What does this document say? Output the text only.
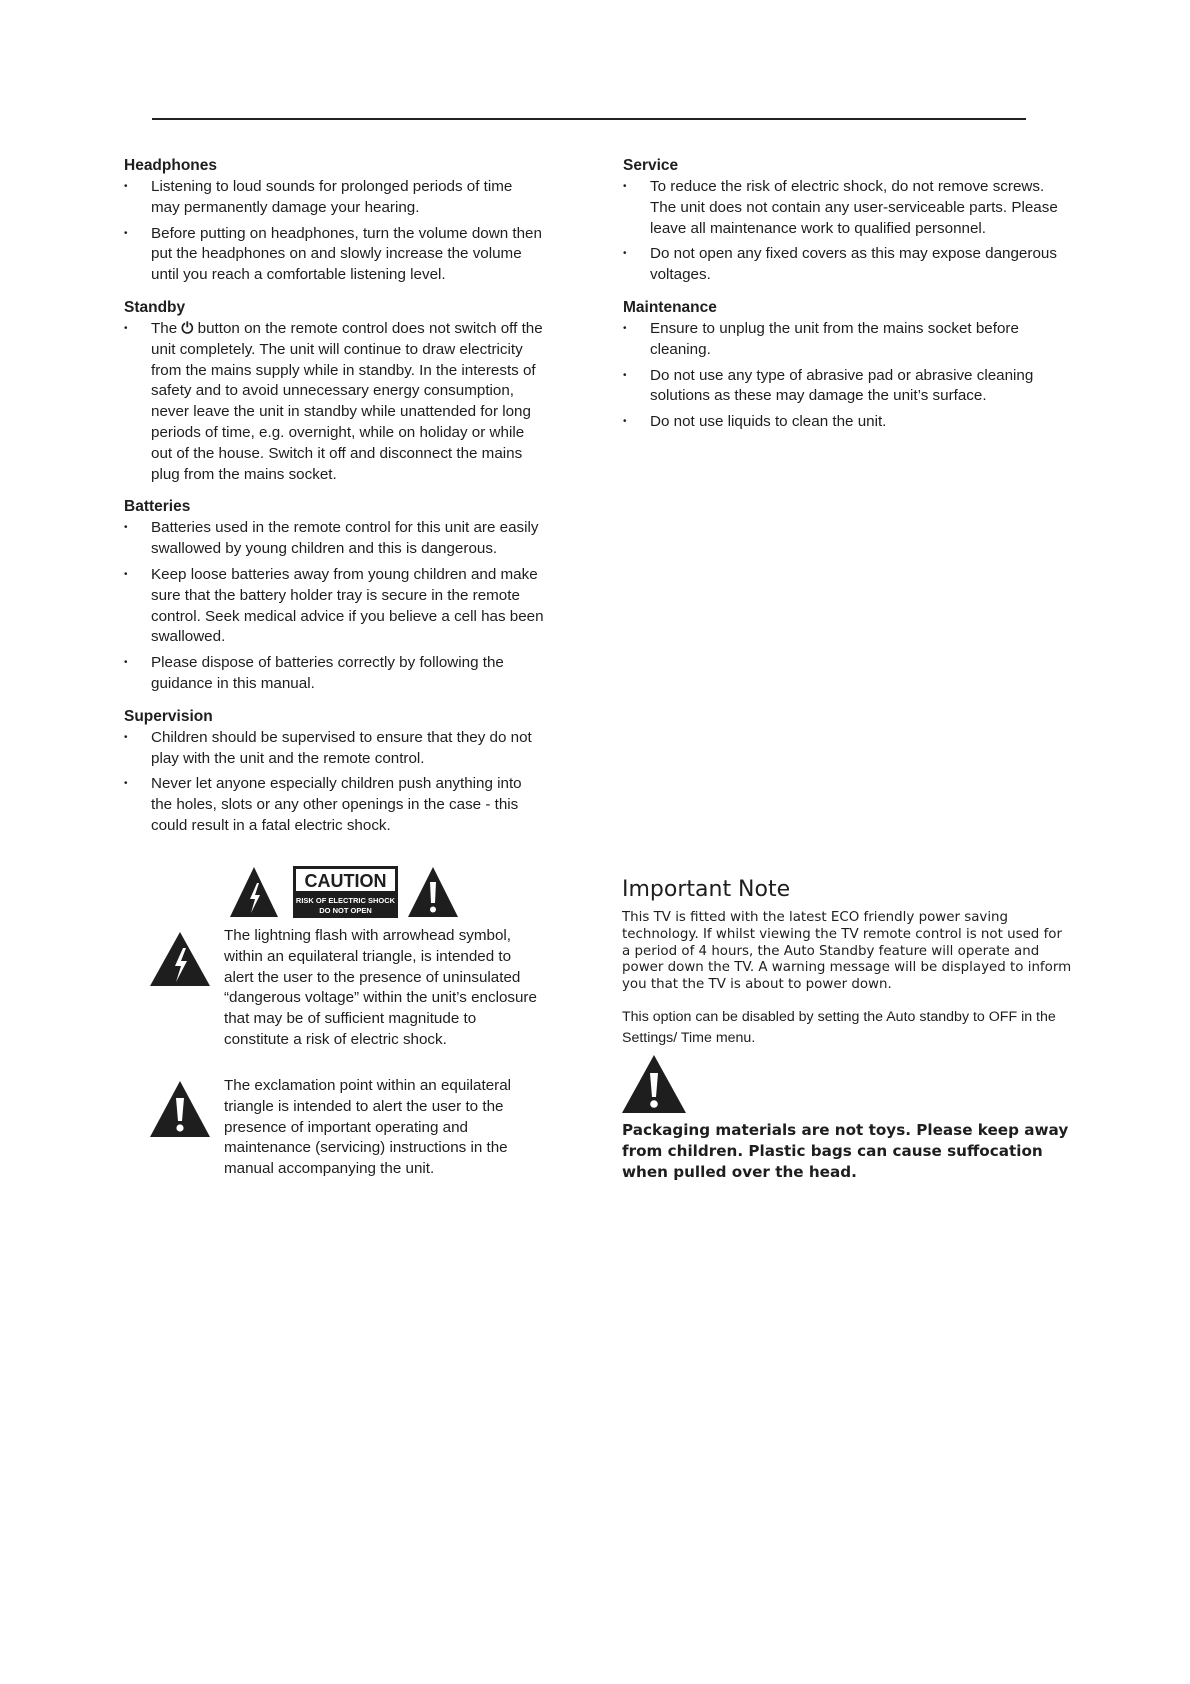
Headphones
• Listening to loud sounds for prolonged periods of time may permanently damage your hearing.
• Before putting on headphones, turn the volume down then put the headphones on and slowly increase the volume until you reach a comfortable listening level.
Standby
• The ⏻ button on the remote control does not switch off the unit completely. The unit will continue to draw electricity from the mains supply while in standby. In the interests of safety and to avoid unnecessary energy consumption, never leave the unit in standby while unattended for long periods of time, e.g. overnight, while on holiday or while out of the house. Switch it off and disconnect the mains plug from the mains socket.
Batteries
• Batteries used in the remote control for this unit are easily swallowed by young children and this is dangerous.
• Keep loose batteries away from young children and make sure that the battery holder tray is secure in the remote control. Seek medical advice if you believe a cell has been swallowed.
• Please dispose of batteries correctly by following the guidance in this manual.
Supervision
• Children should be supervised to ensure that they do not play with the unit and the remote control.
• Never let anyone especially children push anything into the holes, slots or any other openings in the case - this could result in a fatal electric shock.
CAUTION
RISK OF ELECTRIC SHOCK
DO NOT OPEN
The lightning flash with arrowhead symbol, within an equilateral triangle, is intended to alert the user to the presence of uninsulated “dangerous voltage” within the unit’s enclosure that may be of sufficient magnitude to constitute a risk of electric shock.
The exclamation point within an equilateral triangle is intended to alert the user to the presence of important operating and maintenance (servicing) instructions in the manual accompanying the unit.
Service
• To reduce the risk of electric shock, do not remove screws. The unit does not contain any user-serviceable parts. Please leave all maintenance work to qualified personnel.
• Do not open any fixed covers as this may expose dangerous voltages.
Maintenance
• Ensure to unplug the unit from the mains socket before cleaning.
• Do not use any type of abrasive pad or abrasive cleaning solutions as these may damage the unit’s surface.
• Do not use liquids to clean the unit.
Important Note
This TV is fitted with the latest ECO friendly power saving technology. If whilst viewing the TV remote control is not used for a period of 4 hours, the Auto Standby feature will operate and power down the TV. A warning message will be displayed to inform you that the TV is about to power down.
This option can be disabled by setting the Auto standby to OFF in the Settings/ Time menu.
Packaging materials are not toys. Please keep away from children. Plastic bags can cause suffocation when pulled over the head.
